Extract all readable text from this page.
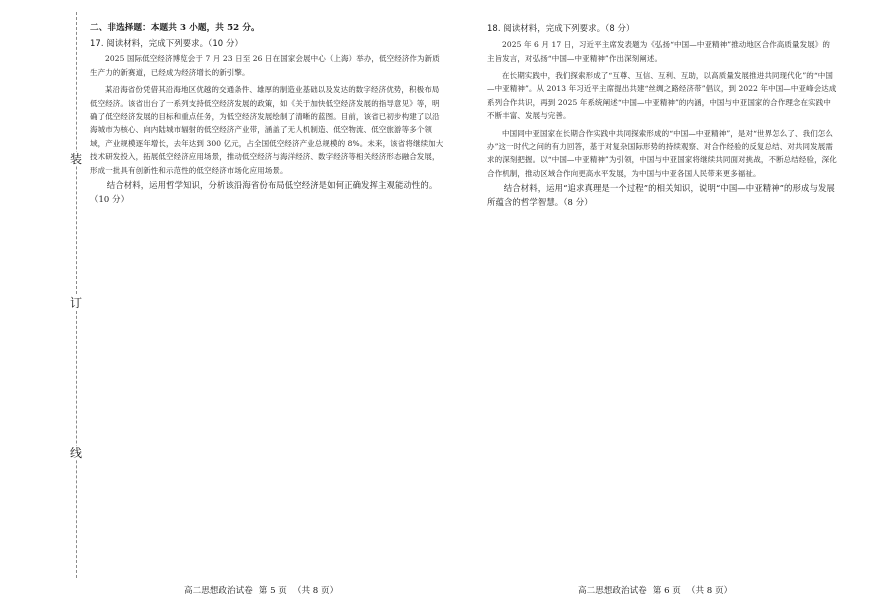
装
订
线

二、非选择题：本题共 3 小题，共 52 分。

17. 阅读材料，完成下列要求。（10 分）

2025 国际低空经济博览会于 7 月 23 日至 26 日在国家会展中心（上海）举办，低空经济作为新质生产力的新赛道，已经成为经济增长的新引擎。

某沿海省份凭借其沿海地区优越的交通条件、雄厚的制造业基础以及发达的数字经济优势，积极布局低空经济。该省出台了一系列支持低空经济发展的政策，如《关于加快低空经济发展的指导意见》等，明确了低空经济发展的目标和重点任务，为低空经济发展绘制了清晰的蓝图。目前，该省已初步构建了以沿海城市为核心、向内陆城市辐射的低空经济产业带，涵盖了无人机制造、低空物流、低空旅游等多个领域，产业规模逐年增长，去年达到 300 亿元，占全国低空经济产业总规模的 8%。未来，该省将继续加大技术研发投入，拓展低空经济应用场景，推动低空经济与海洋经济、数字经济等相关经济形态融合发展，形成一批具有创新性和示范性的低空经济市场化应用场景。

结合材料，运用哲学知识，分析该沿海省份布局低空经济是如何正确发挥主观能动性的。（10 分）

18. 阅读材料，完成下列要求。（8 分）

2025 年 6 月 17 日，习近平主席发表题为《弘扬“中国—中亚精神”推动地区合作高质量发展》的主旨发言，对弘扬“中国—中亚精神”作出深刻阐述。

在长期实践中，我们探索形成了“互尊、互信、互利、互助，以高质量发展推进共同现代化”的“中国—中亚精神”。从 2013 年习近平主席提出共建“丝绸之路经济带”倡议，到 2022 年中国—中亚峰会达成系列合作共识，再到 2025 年系统阐述“中国—中亚精神”的内涵，中国与中亚国家的合作理念在实践中不断丰富、发展与完善。

中国同中亚国家在长期合作实践中共同探索形成的“中国—中亚精神”，是对“世界怎么了、我们怎么办”这一时代之问的有力回答，基于对复杂国际形势的持续观察、对合作经验的反复总结、对共同发展需求的深刻把握。以“中国—中亚精神”为引领，中国与中亚国家将继续共同面对挑战，不断总结经验，深化合作机制，推动区域合作向更高水平发展，为中国与中亚各国人民带来更多福祉。

结合材料，运用“追求真理是一个过程”的相关知识，说明“中国—中亚精神”的形成与发展所蕴含的哲学智慧。（8 分）

高二思想政治试卷 第 5 页 （共 8 页）	高二思想政治试卷 第 6 页 （共 8 页）
